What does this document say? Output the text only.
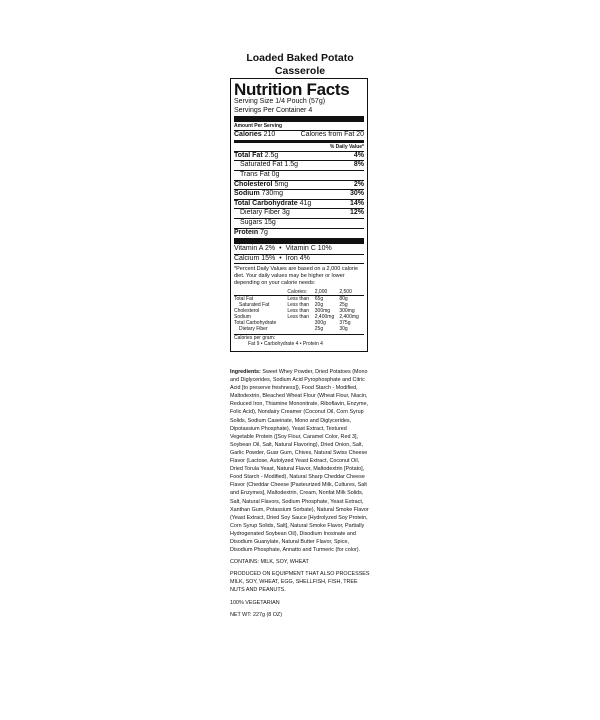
Loaded Baked Potato
Casserole
Nutrition Facts
Serving Size 1/4 Pouch (57g)
Servings Per Container 4
Amount Per Serving
Calories 210	Calories from Fat 20
% Daily Value*
Total Fat 2.5g	4%
Saturated Fat 1.5g	8%
Trans Fat 0g
Cholesterol 5mg	2%
Sodium 730mg	30%
Total Carbohydrate 41g	14%
Dietary Fiber 3g	12%
Sugars 15g
Protein 7g
Vitamin A 2% • Vitamin C 10%
Calcium 15% • Iron 4%
*Percent Daily Values are based on a 2,000 calorie diet. Your daily values may be higher or lower depending on your calorie needs:
	Calories:	2,000	2,500
Total Fat	Less than	65g	80g
Saturated Fat	Less than	20g	25g
Cholesterol	Less than	300mg	300mg
Sodium	Less than	2,400mg	2,400mg
Total Carbohydrate		300g	375g
Dietary Fiber		25g	30g
Calories per gram:
Fat 9 • Carbohydrate 4 • Protein 4

Ingredients: Sweet Whey Powder, Dried Potatoes (Mono and Diglycerides, Sodium Acid Pyrophosphate and Citric Acid [to preserve freshness]), Food Starch - Modified, Maltodextrin, Bleached Wheat Flour (Wheat Flour, Niacin, Reduced Iron, Thiamine Mononitrate, Riboflavin, Enzyme, Folic Acid), Nondairy Creamer (Coconut Oil, Corn Syrup Solids, Sodium Caseinate, Mono and Diglycerides, Dipotassium Phosphate), Yeast Extract, Textured Vegetable Protein ([Soy Flour, Caramel Color, Red 3], Soybean Oil, Salt, Natural Flavoring), Dried Onion, Salt, Garlic Powder, Guar Gum, Chives, Natural Swiss Cheese Flavor (Lactose, Autolyzed Yeast Extract, Coconut Oil, Dried Torula Yeast, Natural Flavor, Maltodextrin [Potato], Food Starch - Modified), Natural Sharp Cheddar Cheese Flavor (Cheddar Cheese [Pasteurized Milk, Cultures, Salt and Enzymes], Maltodextrin, Cream, Nonfat Milk Solids, Salt, Natural Flavors, Sodium Phosphate, Yeast Extract, Xanthan Gum, Potassium Sorbate), Natural Smoke Flavor (Yeast Extract, Dried Soy Sauce [Hydrolyzed Soy Protein, Corn Syrup Solids, Salt], Natural Smoke Flavor, Partially Hydrogenated Soybean Oil), Disodium Inosinate and Disodium Guanylate, Natural Butter Flavor, Spice, Disodium Phosphate, Annatto and Turmeric (for color).

CONTAINS: MILK, SOY, WHEAT

PRODUCED ON EQUIPMENT THAT ALSO PROCESSES MILK, SOY, WHEAT, EGG, SHELLFISH, FISH, TREE NUTS AND PEANUTS.

100% VEGETARIAN

NET WT: 227g (8 OZ)
